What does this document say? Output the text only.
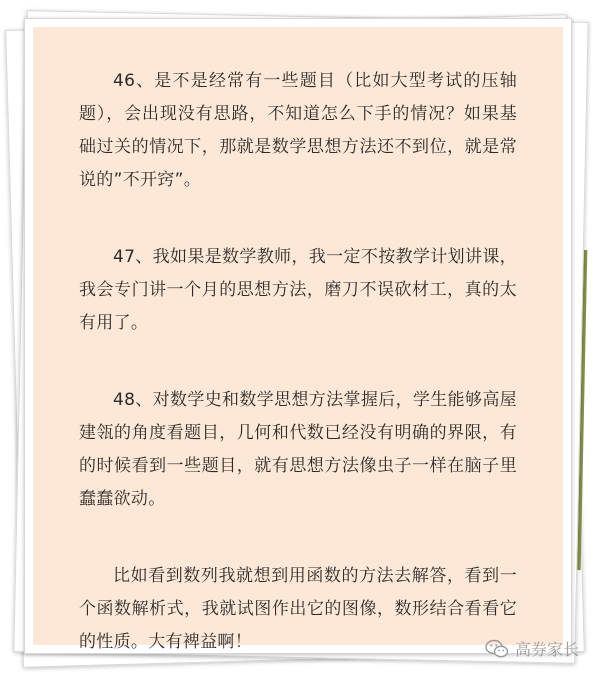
46、是不是经常有一些题目（比如大型考试的压轴题），会出现没有思路，不知道怎么下手的情况？如果基础过关的情况下，那就是数学思想方法还不到位，就是常说的”不开窍”。

47、我如果是数学教师，我一定不按教学计划讲课，我会专门讲一个月的思想方法，磨刀不误砍材工，真的太有用了。

48、对数学史和数学思想方法掌握后，学生能够高屋建瓴的角度看题目，几何和代数已经没有明确的界限，有的时候看到一些题目，就有思想方法像虫子一样在脑子里蠢蠢欲动。

比如看到数列我就想到用函数的方法去解答，看到一个函数解析式，我就试图作出它的图像，数形结合看看它的性质。大有裨益啊！	高券家长
